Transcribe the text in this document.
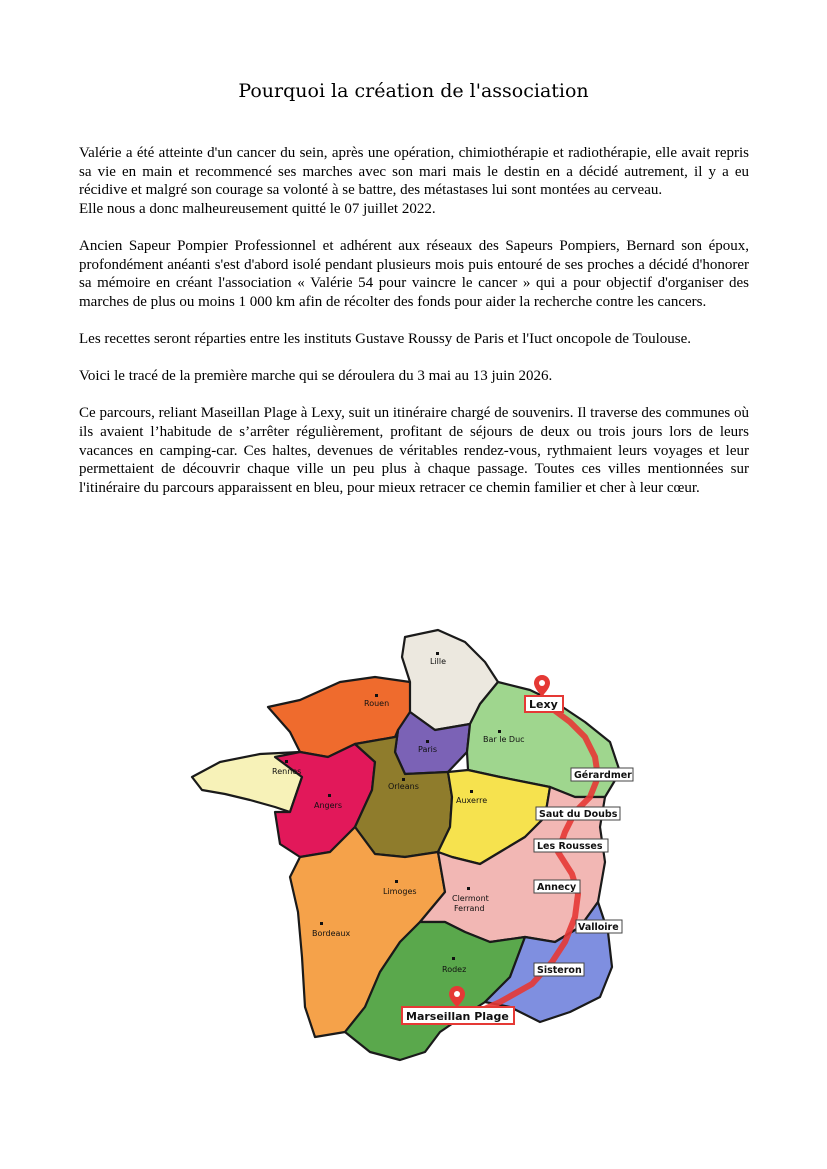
Pourquoi la création de l'association

Valérie a été atteinte d'un cancer du sein, après une opération, chimiothérapie et radiothérapie, elle avait repris sa vie en main et recommencé ses marches avec son mari mais le destin en a décidé autrement, il y a eu récidive et malgré son courage sa volonté à se battre, des métastases lui sont montées au cerveau.

Elle nous a donc malheureusement quitté le 07 juillet 2022.

Ancien Sapeur Pompier Professionnel et adhérent aux réseaux des Sapeurs Pompiers, Bernard son époux, profondément anéanti s'est d'abord isolé pendant plusieurs mois puis entouré de ses proches a décidé d'honorer sa mémoire en créant l'association « Valérie 54 pour vaincre le cancer » qui a pour objectif d'organiser des marches de plus ou moins 1 000 km afin de récolter des fonds pour aider la recherche contre les cancers.

Les recettes seront réparties entre les instituts Gustave Roussy de Paris et l'Iuct oncopole de Toulouse.

Voici le tracé de la première marche qui se déroulera du 3 mai au 13 juin 2026.

Ce parcours, reliant Maseillan Plage à Lexy, suit un itinéraire chargé de souvenirs. Il traverse des communes où ils avaient l’habitude de s’arrêter régulièrement, profitant de séjours de deux ou trois jours lors de leurs vacances en camping-car. Ces haltes, devenues de véritables rendez-vous, rythmaient leurs voyages et leur permettaient de découvrir chaque ville un peu plus à chaque passage. Toutes ces villes mentionnées sur l'itinéraire du parcours apparaissent en bleu, pour mieux retracer ce chemin familier et cher à leur cœur.

Lille
Rouen
Paris
Bar le Duc
Rennes
Angers
Orleans
Auxerre
Limoges
Clermont
Ferrand
Bordeaux
Rodez
Lexy
Gérardmer
Saut du Doubs
Les Rousses
Annecy
Valloire
Sisteron
Marseillan Plage
